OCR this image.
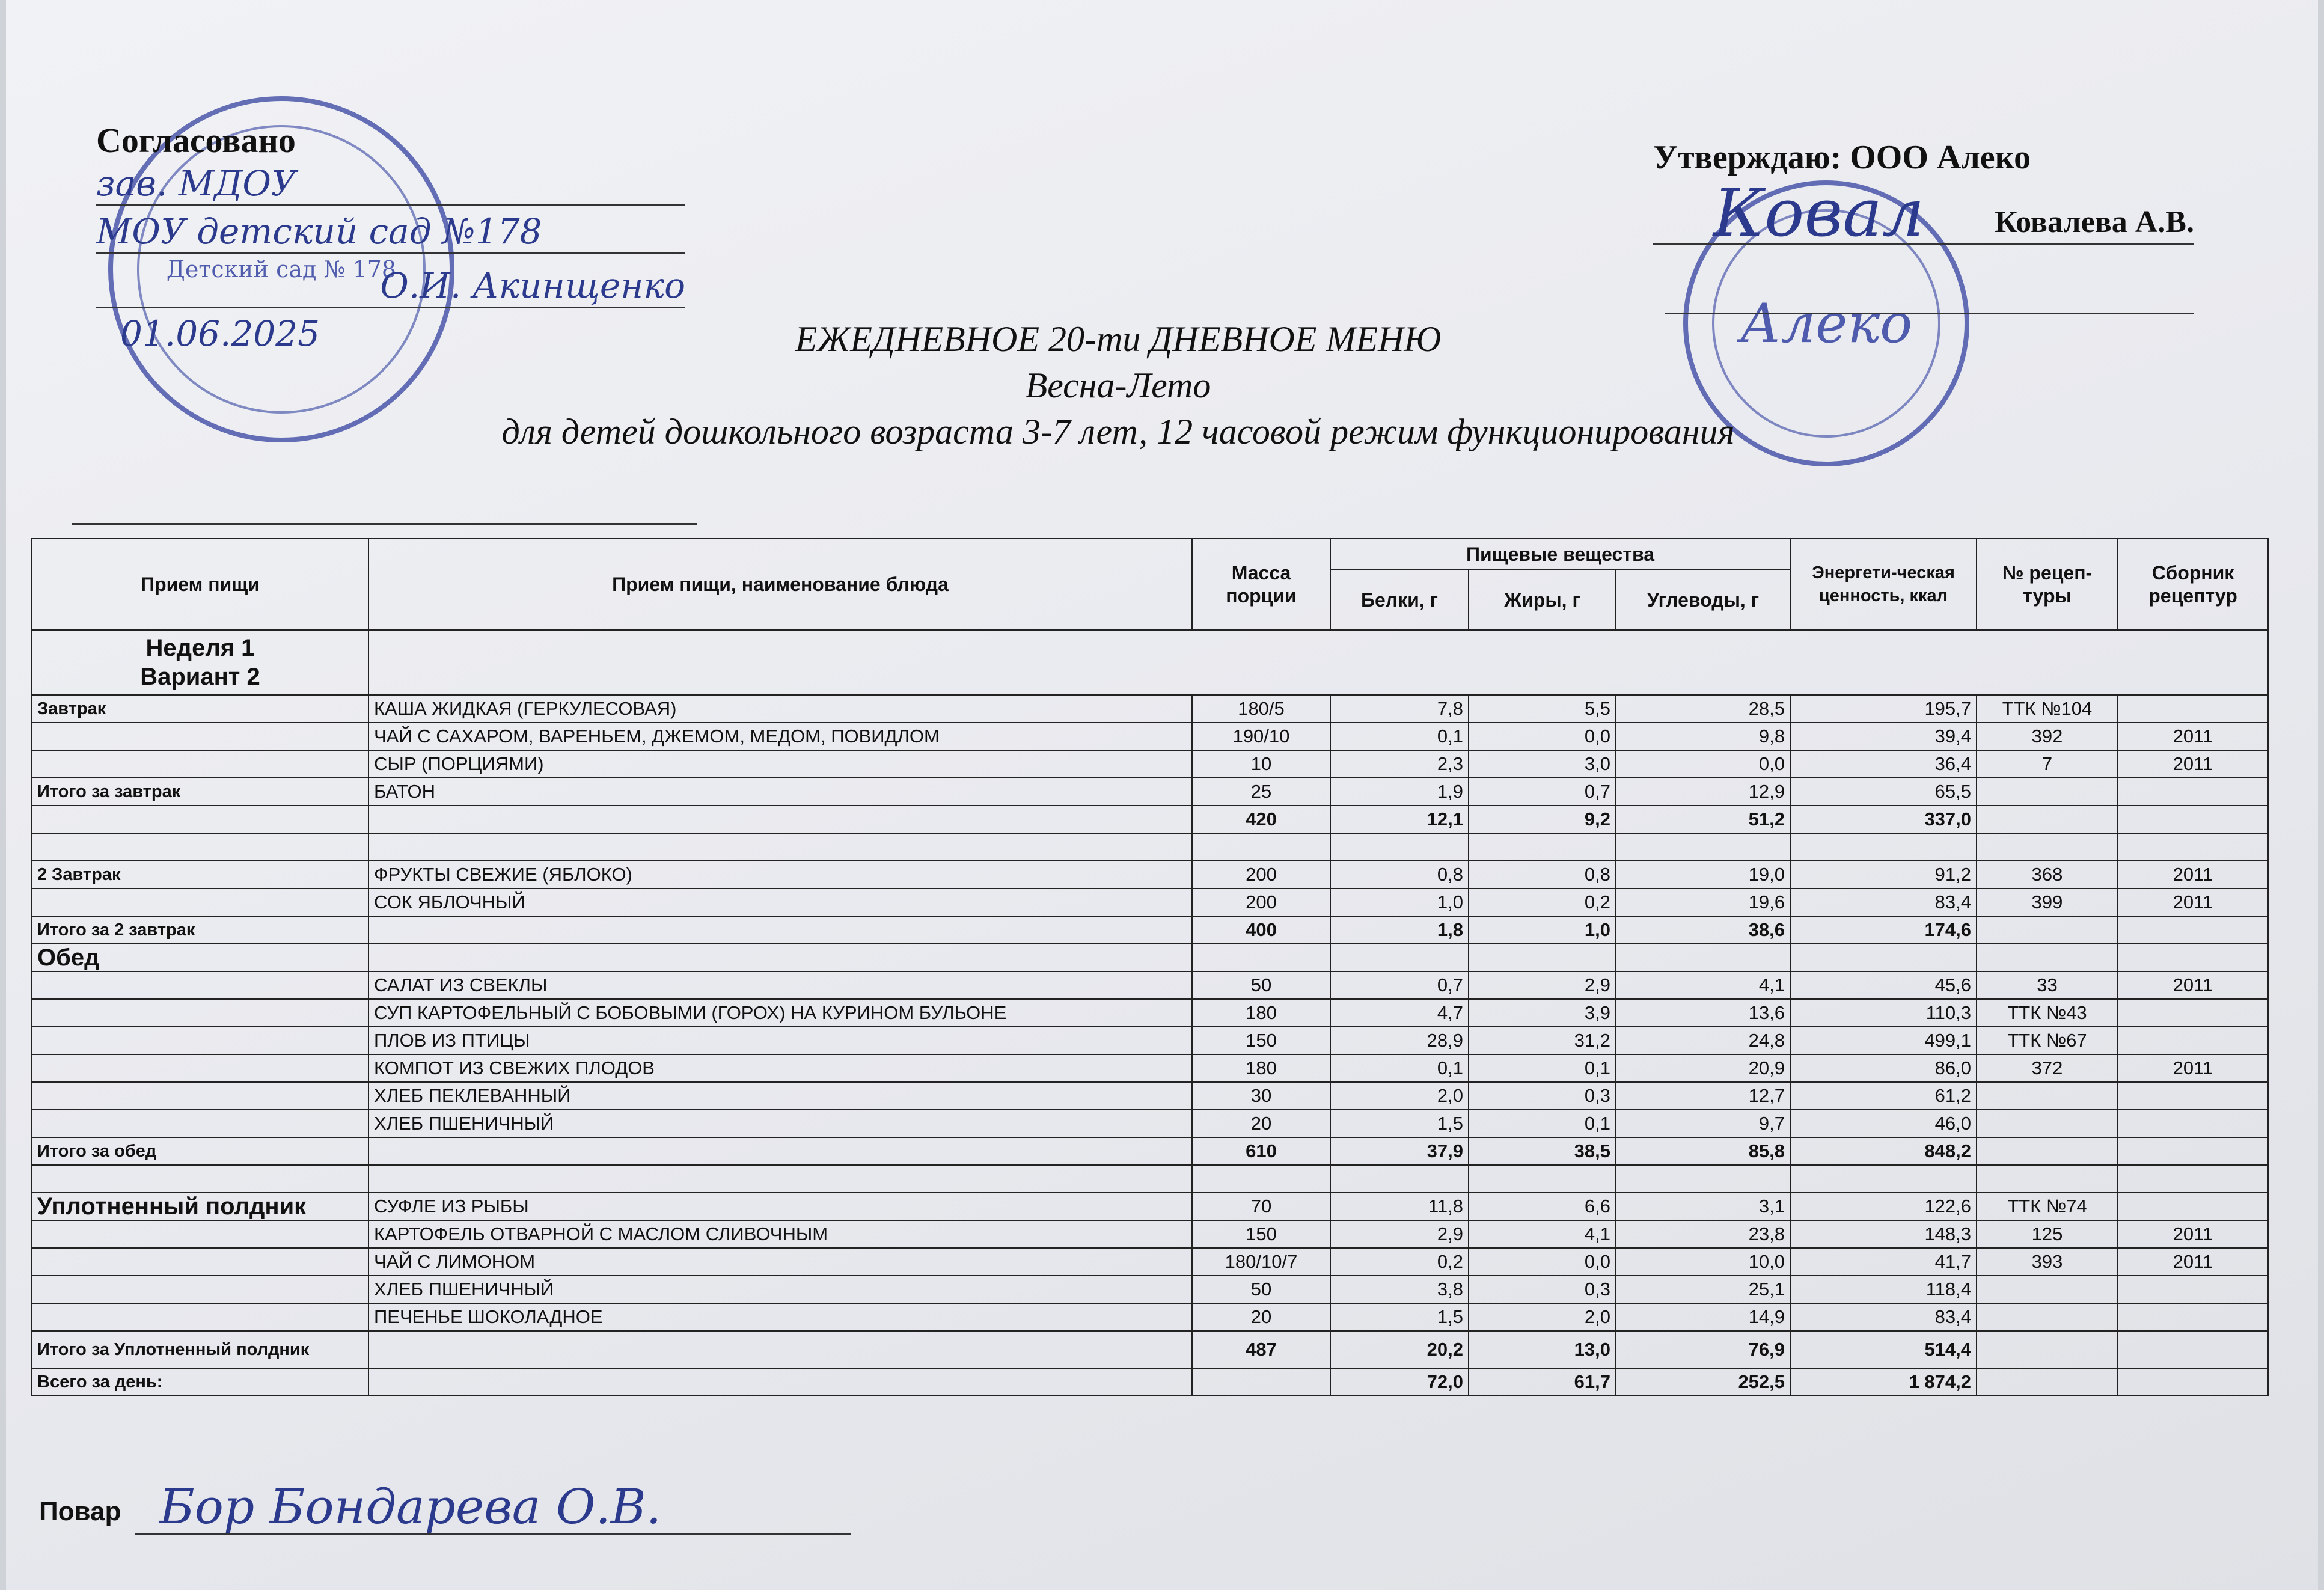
Детский сад № 178
Согласовано
зав. МДОУ
МОУ детский сад №178
О.И. Акинщенко
01.06.2025	Алеко
Утверждаю: ООО Алеко
Ковалева А.В.
Ковал
ЕЖЕДНЕВНОЕ 20-ти ДНЕВНОЕ МЕНЮ
Весна-Лето
для детей дошкольного возраста 3-7 лет, 12 часовой режим функционирования
Прием пищи	Прием пищи, наименование блюда	Масса порции	Пищевые вещества			Энергети-ческая ценность, ккал	№ рецеп-туры	Сборник рецептур
			Белки, г	Жиры, г	Углеводы, г			

Неделя 1
Вариант 2								

Завтрак	КАША ЖИДКАЯ (ГЕРКУЛЕСОВАЯ)	180/5	7,8	5,5	28,5	195,7	ТТК №104	
	ЧАЙ С САХАРОМ, ВАРЕНЬЕМ, ДЖЕМОМ, МЕДОМ, ПОВИДЛОМ	190/10	0,1	0,0	9,8	39,4	392	2011
	СЫР (ПОРЦИЯМИ)	10	2,3	3,0	0,0	36,4	7	2011
Итого за завтрак	БАТОН	25	1,9	0,7	12,9	65,5		
		420	12,1	9,2	51,2	337,0		

2 Завтрак	ФРУКТЫ СВЕЖИЕ (ЯБЛОКО)	200	0,8	0,8	19,0	91,2	368	2011
	СОК ЯБЛОЧНЫЙ	200	1,0	0,2	19,6	83,4	399	2011
Итого за 2 завтрак		400	1,8	1,0	38,6	174,6		
Обед								
	САЛАТ ИЗ СВЕКЛЫ	50	0,7	2,9	4,1	45,6	33	2011
	СУП КАРТОФЕЛЬНЫЙ С БОБОВЫМИ (ГОРОХ) НА КУРИНОМ БУЛЬОНЕ	180	4,7	3,9	13,6	110,3	ТТК №43	
	ПЛОВ ИЗ ПТИЦЫ	150	28,9	31,2	24,8	499,1	ТТК №67	
	КОМПОТ ИЗ СВЕЖИХ ПЛОДОВ	180	0,1	0,1	20,9	86,0	372	2011
	ХЛЕБ ПЕКЛЕВАННЫЙ	30	2,0	0,3	12,7	61,2		
	ХЛЕБ ПШЕНИЧНЫЙ	20	1,5	0,1	9,7	46,0		
Итого за обед		610	37,9	38,5	85,8	848,2		

Уплотненный полдник	СУФЛЕ ИЗ РЫБЫ	70	11,8	6,6	3,1	122,6	ТТК №74	
	КАРТОФЕЛЬ ОТВАРНОЙ С МАСЛОМ СЛИВОЧНЫМ	150	2,9	4,1	23,8	148,3	125	2011
	ЧАЙ С ЛИМОНОМ	180/10/7	0,2	0,0	10,0	41,7	393	2011
	ХЛЕБ ПШЕНИЧНЫЙ	50	3,8	0,3	25,1	118,4		
	ПЕЧЕНЬЕ ШОКОЛАДНОЕ	20	1,5	2,0	14,9	83,4		
Итого за Уплотненный полдник		487	20,2	13,0	76,9	514,4		
Всего за день:			72,0	61,7	252,5	1 874,2		
Повар Бор Бондарева О.В.
